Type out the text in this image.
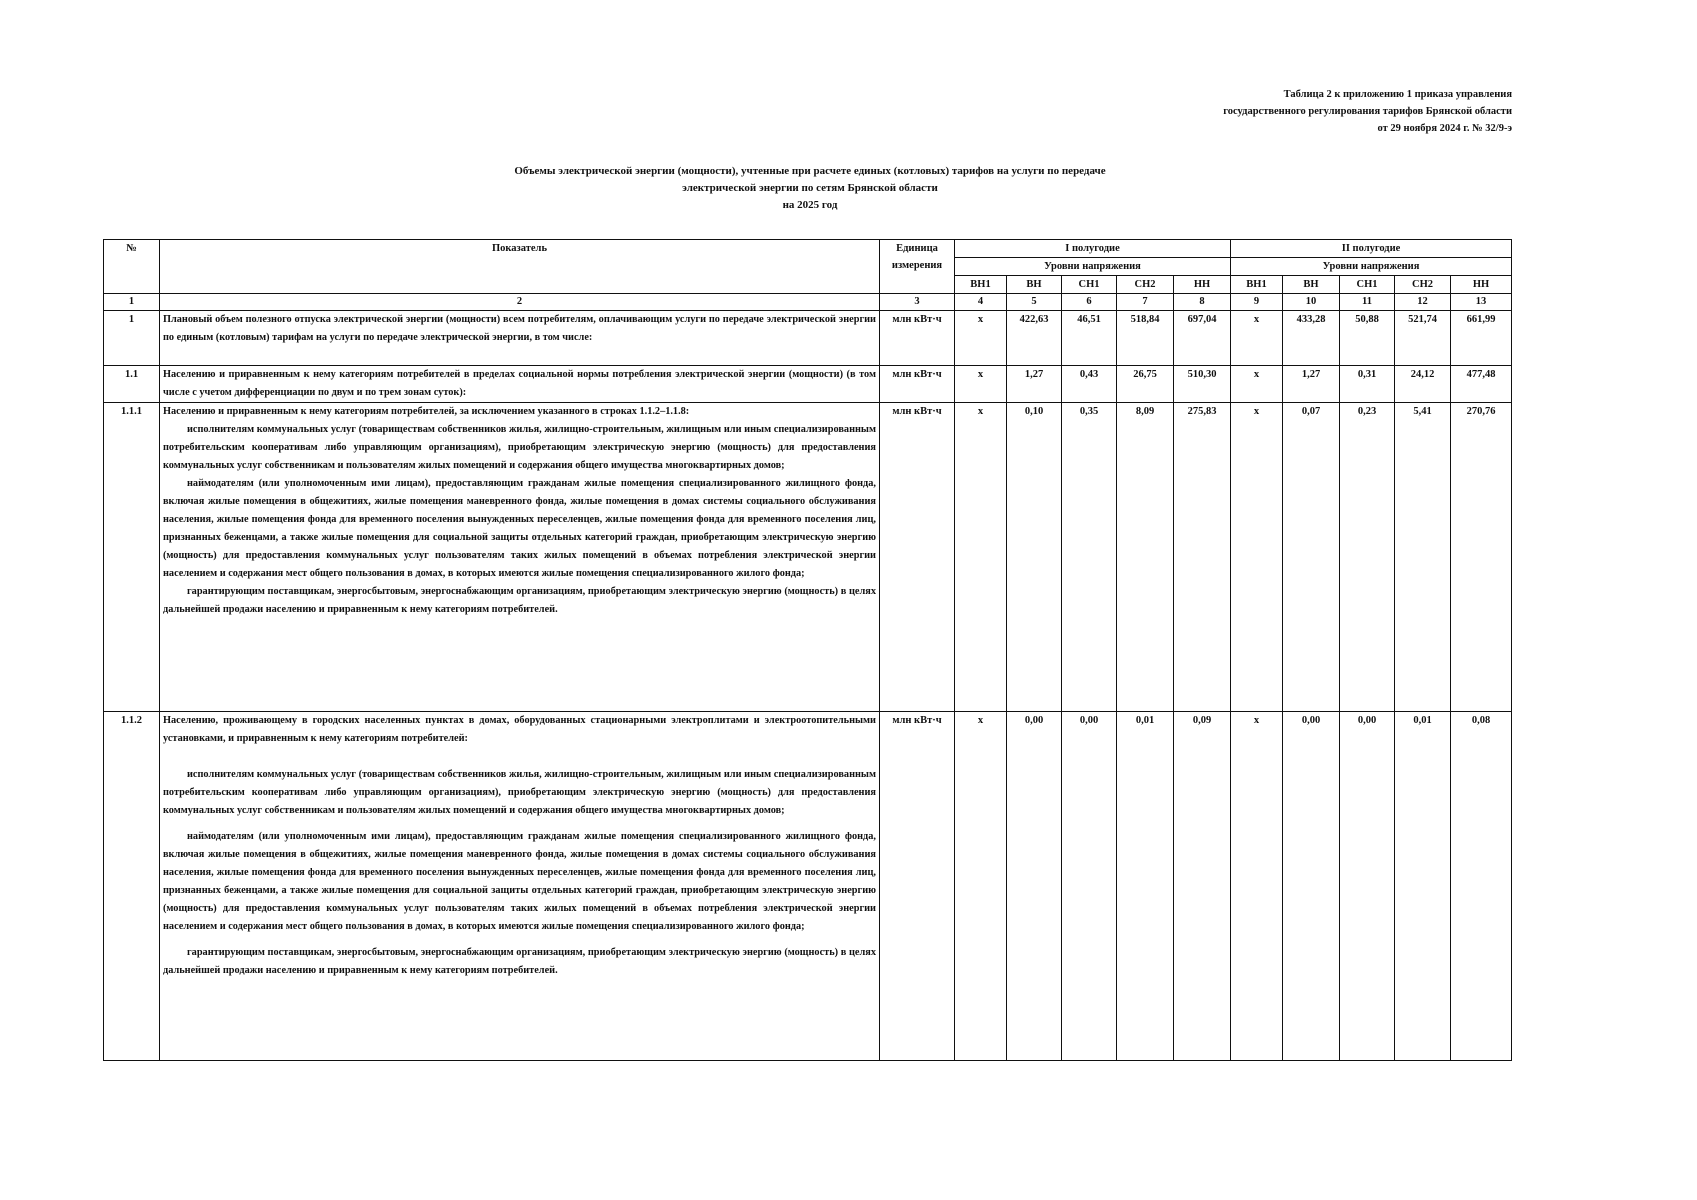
Таблица 2 к приложению 1 приказа управления
государственного регулирования тарифов Брянской области
от 29 ноября 2024 г. № 32/9-э
Объемы электрической энергии (мощности), учтенные при расчете единых (котловых) тарифов на услуги по передаче
электрической энергии по сетям Брянской области
на 2025 год
№	Показатель	Единица измерения	I полугодие					II полугодие				
			Уровни напряжения					Уровни напряжения				
			ВН1	ВН	СН1	СН2	НН	ВН1	ВН	СН1	СН2	НН
1	2	3	4	5	6	7	8	9	10	11	12	13
1	Плановый объем полезного отпуска электрической энергии (мощности) всем потребителям, оплачивающим услуги по передаче электрической энергии по единым (котловым) тарифам на услуги по передаче электрической энергии, в том числе:	млн кВт·ч	x	422,63	46,51	518,84	697,04	x	433,28	50,88	521,74	661,99
1.1	Населению и приравненным к нему категориям потребителей в пределах социальной нормы потребления электрической энергии (мощности) (в том числе с учетом дифференциации по двум и по трем зонам суток):	млн кВт·ч	x	1,27	0,43	26,75	510,30	x	1,27	0,31	24,12	477,48
1.1.1	Населению и приравненным к нему категориям потребителей, за исключением указанного в строках 1.1.2–1.1.8:

исполнителям коммунальных услуг (товариществам собственников жилья, жилищно-строительным, жилищным или иным специализированным потребительским кооперативам либо управляющим организациям), приобретающим электрическую энергию (мощность) для предоставления коммунальных услуг собственникам и пользователям жилых помещений и содержания общего имущества многоквартирных домов;

наймодателям (или уполномоченным ими лицам), предоставляющим гражданам жилые помещения специализированного жилищного фонда, включая жилые помещения в общежитиях, жилые помещения маневренного фонда, жилые помещения в домах системы социального обслуживания населения, жилые помещения фонда для временного поселения вынужденных переселенцев, жилые помещения фонда для временного поселения лиц, признанных беженцами, а также жилые помещения для социальной защиты отдельных категорий граждан, приобретающим электрическую энергию (мощность) для предоставления коммунальных услуг пользователям таких жилых помещений в объемах потребления электрической энергии населением и содержания мест общего пользования в домах, в которых имеются жилые помещения специализированного жилого фонда;

гарантирующим поставщикам, энергосбытовым, энергоснабжающим организациям, приобретающим электрическую энергию (мощность) в целях дальнейшей продажи населению и приравненным к нему категориям потребителей.	млн кВт·ч	x	0,10	0,35	8,09	275,83	x	0,07	0,23	5,41	270,76
1.1.2	Населению, проживающему в городских населенных пунктах в домах, оборудованных стационарными электроплитами и электроотопительными установками, и приравненным к нему категориям потребителей:

исполнителям коммунальных услуг (товариществам собственников жилья, жилищно-строительным, жилищным или иным специализированным потребительским кооперативам либо управляющим организациям), приобретающим электрическую энергию (мощность) для предоставления коммунальных услуг собственникам и пользователям жилых помещений и содержания общего имущества многоквартирных домов;

наймодателям (или уполномоченным ими лицам), предоставляющим гражданам жилые помещения специализированного жилищного фонда, включая жилые помещения в общежитиях, жилые помещения маневренного фонда, жилые помещения в домах системы социального обслуживания населения, жилые помещения фонда для временного поселения вынужденных переселенцев, жилые помещения фонда для временного поселения лиц, признанных беженцами, а также жилые помещения для социальной защиты отдельных категорий граждан, приобретающим электрическую энергию (мощность) для предоставления коммунальных услуг пользователям таких жилых помещений в объемах потребления электрической энергии населением и содержания мест общего пользования в домах, в которых имеются жилые помещения специализированного жилого фонда;

гарантирующим поставщикам, энергосбытовым, энергоснабжающим организациям, приобретающим электрическую энергию (мощность) в целях дальнейшей продажи населению и приравненным к нему категориям потребителей.	млн кВт·ч	x	0,00	0,00	0,01	0,09	x	0,00	0,00	0,01	0,08
